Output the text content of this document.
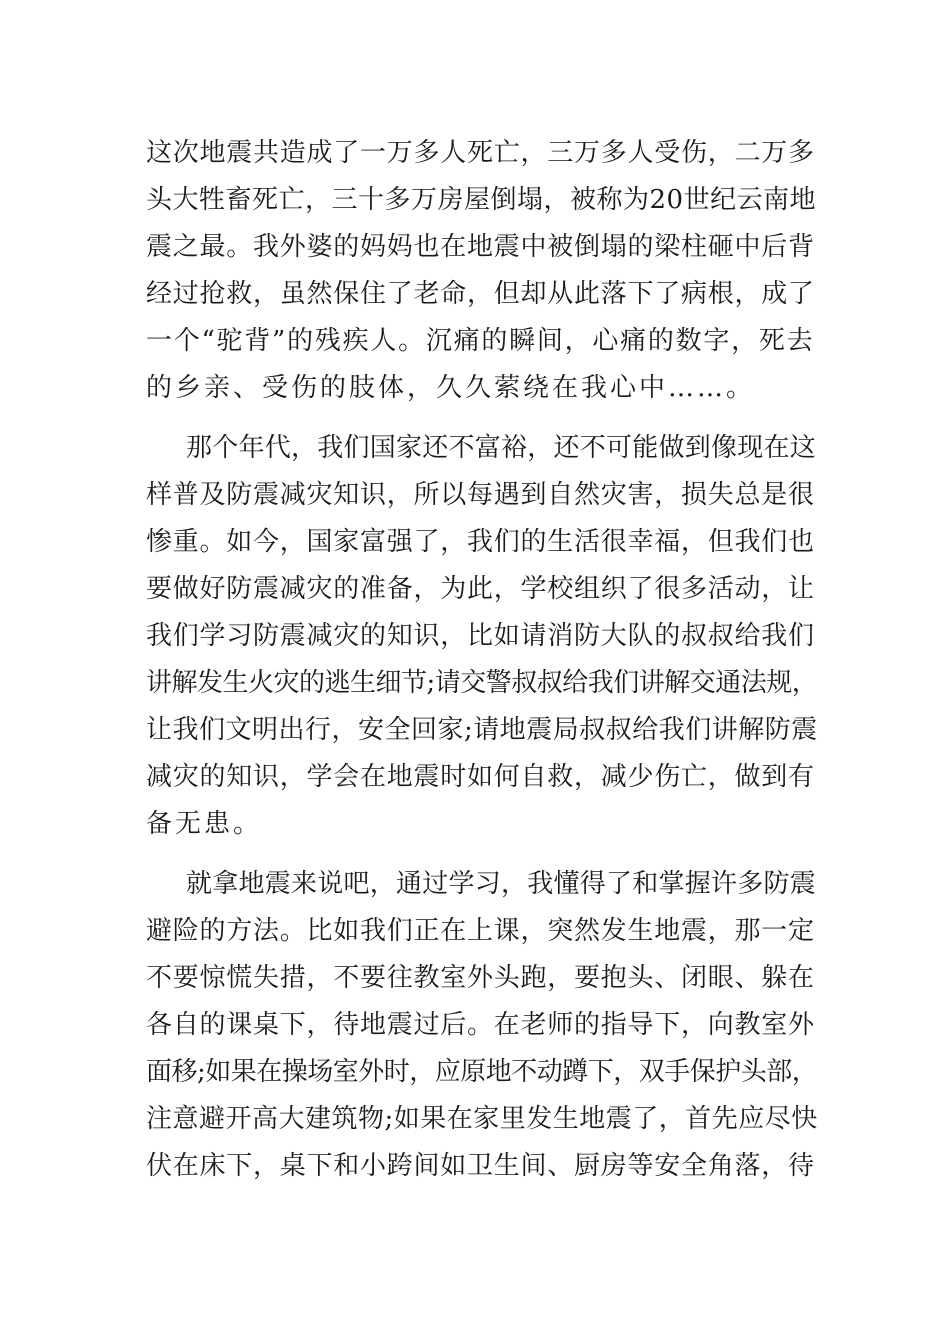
这次地震共造成了一万多人死亡，三万多人受伤，二万多
头大牲畜死亡，三十多万房屋倒塌，被称为20世纪云南地
震之最。我外婆的妈妈也在地震中被倒塌的梁柱砸中后背
经过抢救，虽然保住了老命，但却从此落下了病根，成了
一个“驼背”的残疾人。沉痛的瞬间，心痛的数字，死去
的乡亲、受伤的肢体，久久萦绕在我心中……。
那个年代，我们国家还不富裕，还不可能做到像现在这
样普及防震减灾知识，所以每遇到自然灾害，损失总是很
惨重。如今，国家富强了，我们的生活很幸福，但我们也
要做好防震减灾的准备，为此，学校组织了很多活动，让
我们学习防震减灾的知识，比如请消防大队的叔叔给我们
讲解发生火灾的逃生细节;请交警叔叔给我们讲解交通法规，
让我们文明出行，安全回家;请地震局叔叔给我们讲解防震
减灾的知识，学会在地震时如何自救，减少伤亡，做到有
备无患。
就拿地震来说吧，通过学习，我懂得了和掌握许多防震
避险的方法。比如我们正在上课，突然发生地震，那一定
不要惊慌失措，不要往教室外头跑，要抱头、闭眼、躲在
各自的课桌下，待地震过后。在老师的指导下，向教室外
面移;如果在操场室外时，应原地不动蹲下，双手保护头部，
注意避开高大建筑物;如果在家里发生地震了，首先应尽快
伏在床下，桌下和小跨间如卫生间、厨房等安全角落，待
